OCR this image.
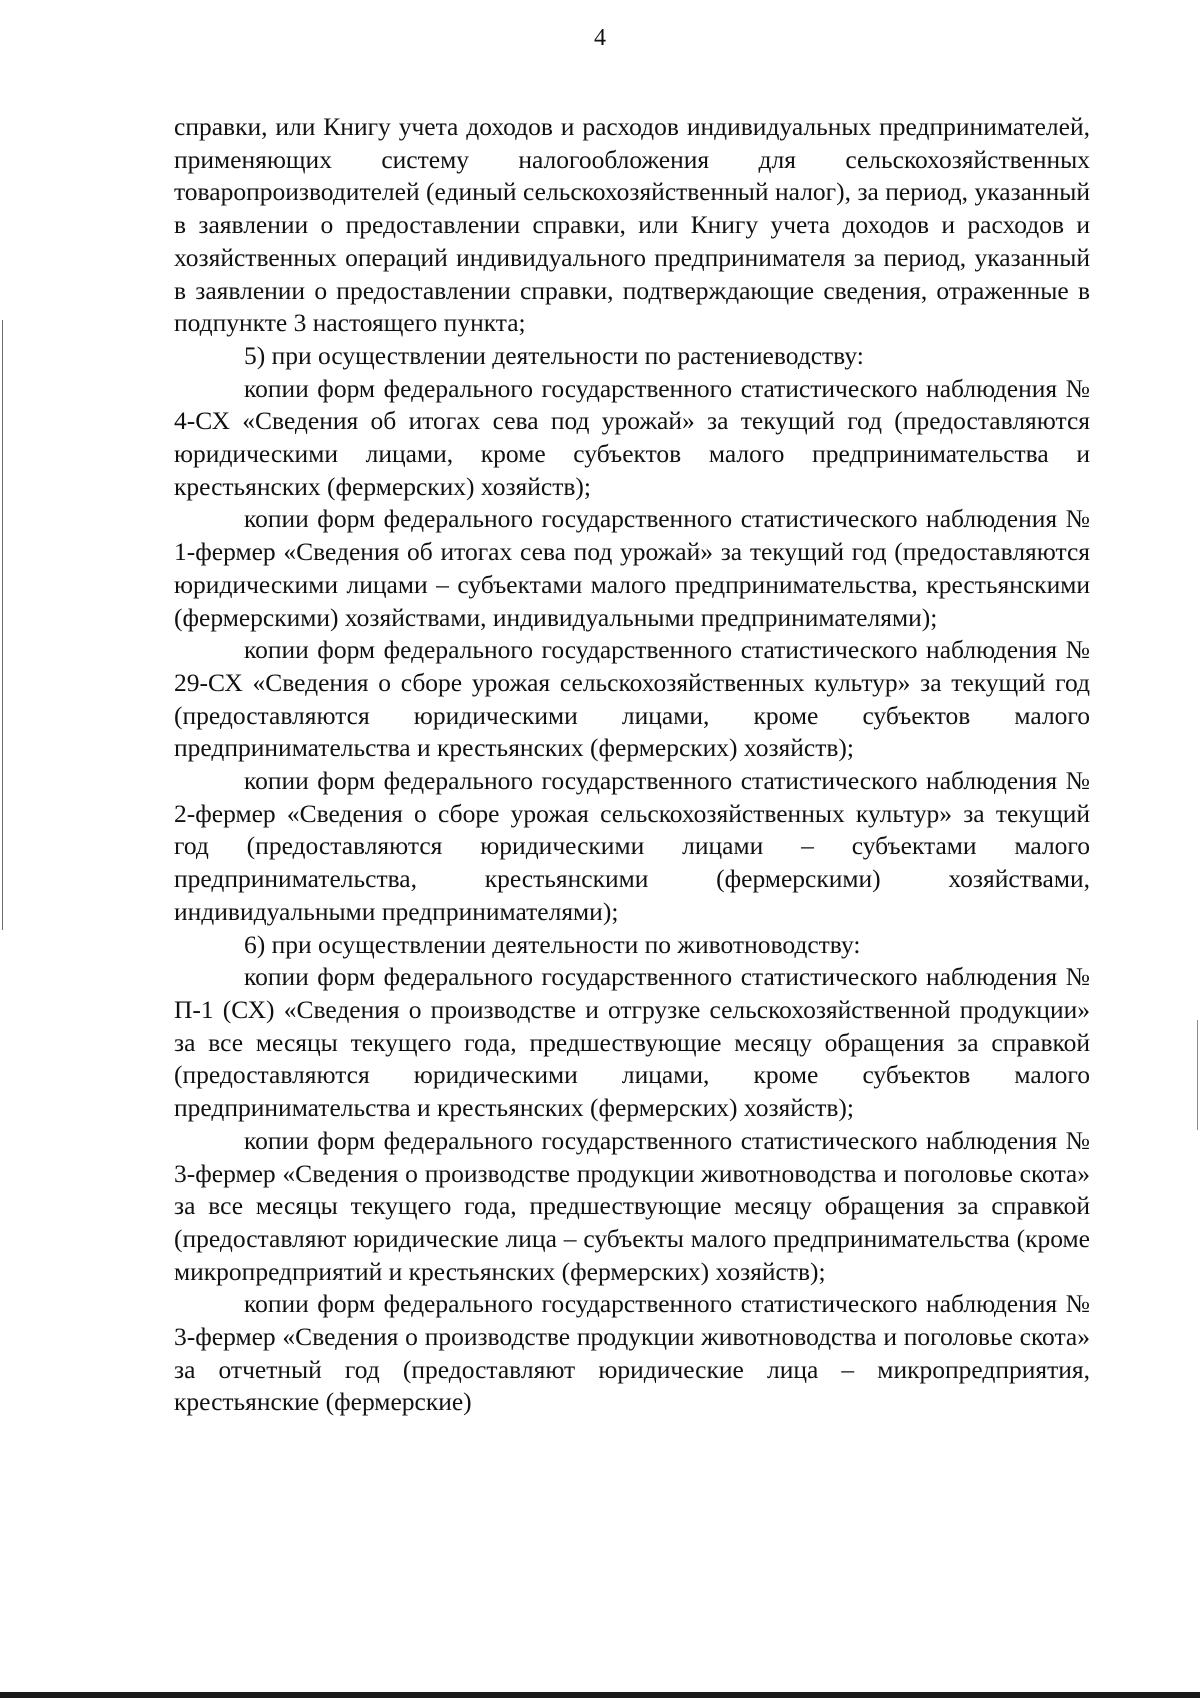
4

справки, или Книгу учета доходов и расходов индивидуальных предпринимателей, применяющих систему налогообложения для сельскохозяйственных товаропроизводителей (единый сельскохозяйственный налог), за период, указанный в заявлении о предоставлении справки, или Книгу учета доходов и расходов и хозяйственных операций индивидуального предпринимателя за период, указанный в заявлении о предоставлении справки, подтверждающие сведения, отраженные в подпункте 3 настоящего пункта;

5) при осуществлении деятельности по растениеводству:

копии форм федерального государственного статистического наблюдения № 4-СХ «Сведения об итогах сева под урожай» за текущий год (предоставляются юридическими лицами, кроме субъектов малого предпринимательства и крестьянских (фермерских) хозяйств);

копии форм федерального государственного статистического наблюдения № 1-фермер «Сведения об итогах сева под урожай» за текущий год (предоставляются юридическими лицами – субъектами малого предпринимательства, крестьянскими (фермерскими) хозяйствами, индивидуальными предпринимателями);

копии форм федерального государственного статистического наблюдения № 29-СХ «Сведения о сборе урожая сельскохозяйственных культур» за текущий год (предоставляются юридическими лицами, кроме субъектов малого предпринимательства и крестьянских (фермерских) хозяйств);

копии форм федерального государственного статистического наблюдения № 2-фермер «Сведения о сборе урожая сельскохозяйственных культур» за текущий год (предоставляются юридическими лицами – субъектами малого предпринимательства, крестьянскими (фермерскими) хозяйствами, индивидуальными предпринимателями);

6) при осуществлении деятельности по животноводству:

копии форм федерального государственного статистического наблюдения № П-1 (СХ) «Сведения о производстве и отгрузке сельскохозяйственной продукции» за все месяцы текущего года, предшествующие месяцу обращения за справкой (предоставляются юридическими лицами, кроме субъектов малого предпринимательства и крестьянских (фермерских) хозяйств);

копии форм федерального государственного статистического наблюдения № 3-фермер «Сведения о производстве продукции животноводства и поголовье скота» за все месяцы текущего года, предшествующие месяцу обращения за справкой (предоставляют юридические лица – субъекты малого предпринимательства (кроме микропредприятий и крестьянских (фермерских) хозяйств);

копии форм федерального государственного статистического наблюдения № 3-фермер «Сведения о производстве продукции животноводства и поголовье скота» за отчетный год (предоставляют юридические лица – микропредприятия, крестьянские (фермерские)
